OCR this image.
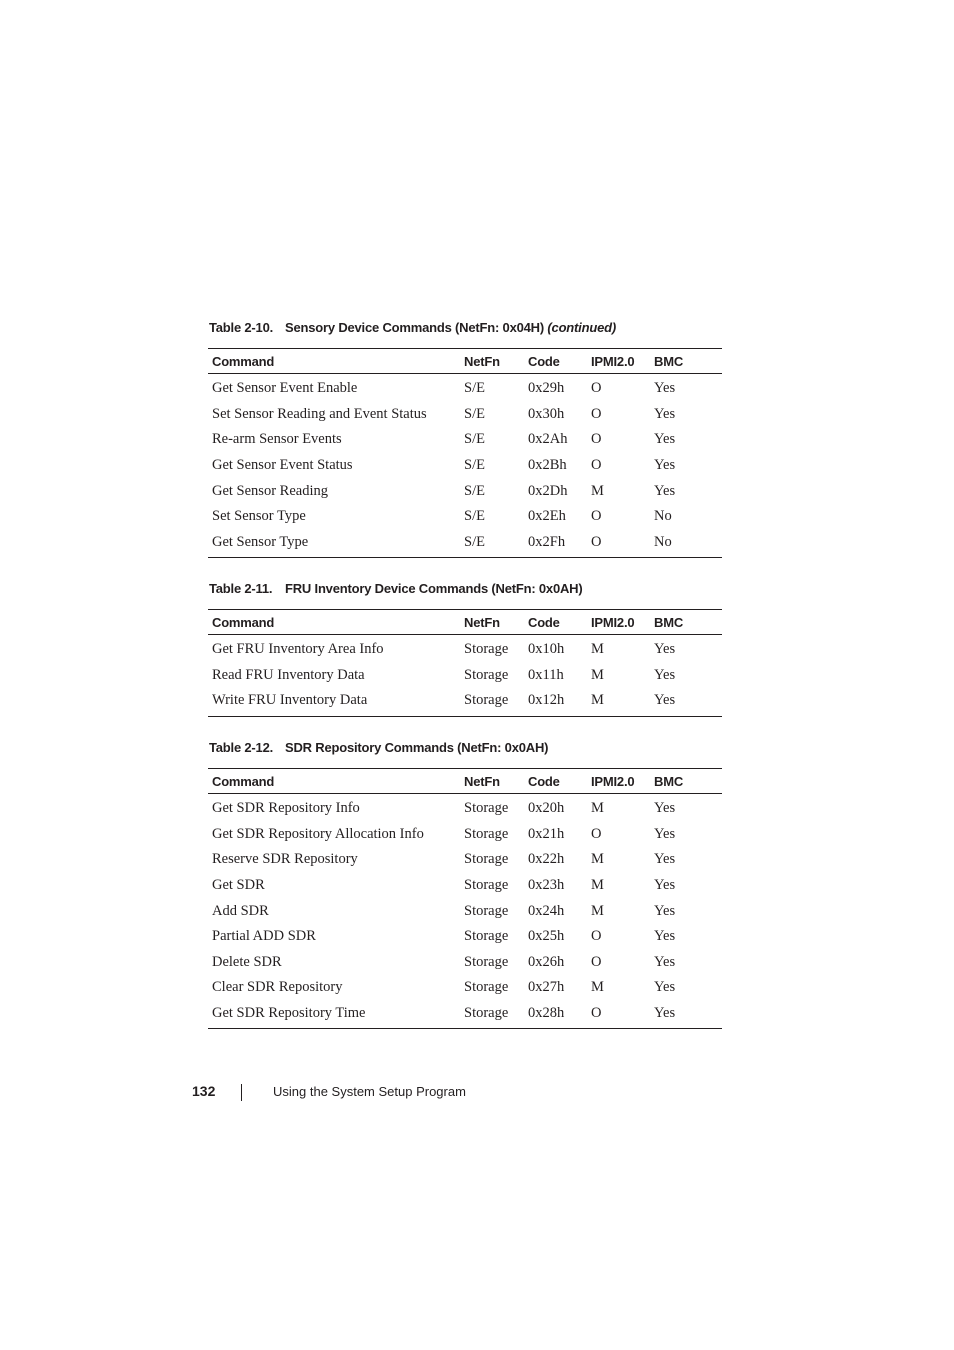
Table 2-10. Sensory Device Commands (NetFn: 0x04H) (continued)
Command	NetFn	Code	IPMI2.0	BMC
Get Sensor Event Enable	S/E	0x29h	O	Yes
Set Sensor Reading and Event Status	S/E	0x30h	O	Yes
Re-arm Sensor Events	S/E	0x2Ah	O	Yes
Get Sensor Event Status	S/E	0x2Bh	O	Yes
Get Sensor Reading	S/E	0x2Dh	M	Yes
Set Sensor Type	S/E	0x2Eh	O	No
Get Sensor Type	S/E	0x2Fh	O	No
Table 2-11. FRU Inventory Device Commands (NetFn: 0x0AH)
Command	NetFn	Code	IPMI2.0	BMC
Get FRU Inventory Area Info	Storage	0x10h	M	Yes
Read FRU Inventory Data	Storage	0x11h	M	Yes
Write FRU Inventory Data	Storage	0x12h	M	Yes
Table 2-12. SDR Repository Commands (NetFn: 0x0AH)
Command	NetFn	Code	IPMI2.0	BMC
Get SDR Repository Info	Storage	0x20h	M	Yes
Get SDR Repository Allocation Info	Storage	0x21h	O	Yes
Reserve SDR Repository	Storage	0x22h	M	Yes
Get SDR	Storage	0x23h	M	Yes
Add SDR	Storage	0x24h	M	Yes
Partial ADD SDR	Storage	0x25h	O	Yes
Delete SDR	Storage	0x26h	O	Yes
Clear SDR Repository	Storage	0x27h	M	Yes
Get SDR Repository Time	Storage	0x28h	O	Yes
132	Using the System Setup Program
